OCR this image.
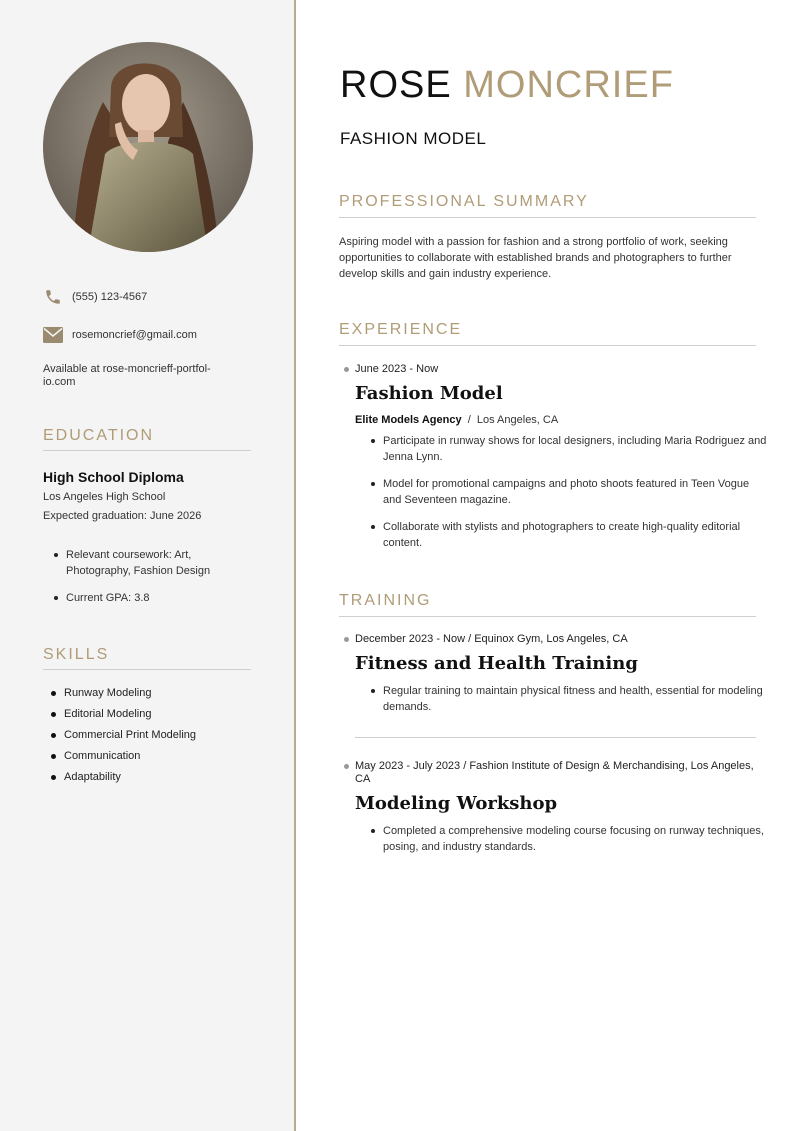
(555) 123-4567
rosemoncrief@gmail.com
Available at rose-moncrieff-portfol-io.com
EDUCATION
High School Diploma
Los Angeles High School
Expected graduation: June 2026
Relevant coursework: Art, Photography, Fashion Design
Current GPA: 3.8
SKILLS
Runway Modeling
Editorial Modeling
Commercial Print Modeling
Communication
Adaptability
ROSE MONCRIEF
FASHION MODEL
PROFESSIONAL SUMMARY

Aspiring model with a passion for fashion and a strong portfolio of work, seeking opportunities to collaborate with established brands and photographers to further develop skills and gain industry experience.

EXPERIENCE
June 2023 - Now
Fashion Model
Elite Models Agency / Los Angeles, CA
Participate in runway shows for local designers, including Maria Rodriguez and Jenna Lynn.
Model for promotional campaigns and photo shoots featured in Teen Vogue and Seventeen magazine.
Collaborate with stylists and photographers to create high-quality editorial content.
TRAINING
December 2023 - Now / Equinox Gym, Los Angeles, CA
Fitness and Health Training
Regular training to maintain physical fitness and health, essential for modeling demands.
May 2023 - July 2023 / Fashion Institute of Design & Merchandising, Los Angeles, CA
Modeling Workshop
Completed a comprehensive modeling course focusing on runway techniques, posing, and industry standards.
